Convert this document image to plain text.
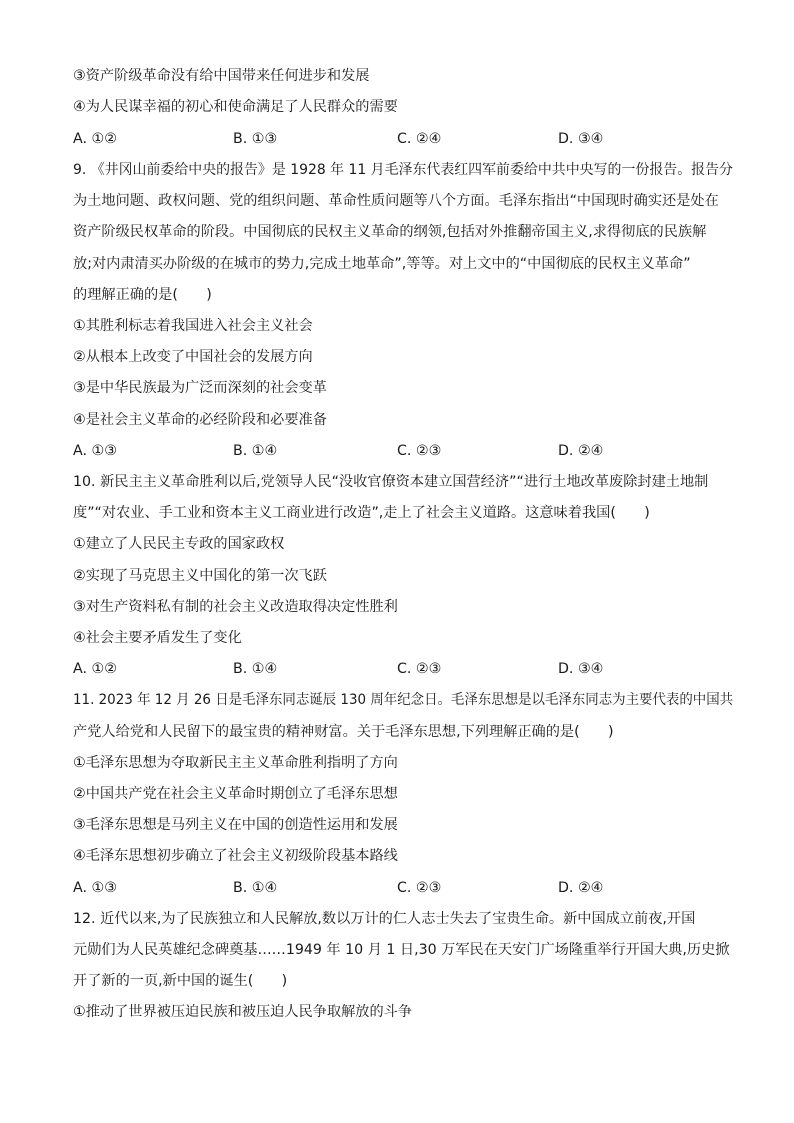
③资产阶级革命没有给中国带来任何进步和发展
④为人民谋幸福的初心和使命满足了人民群众的需要
A. ①②	B. ①③	C. ②④	D. ③④
9. 《井冈山前委给中央的报告》是 1928 年 11 月毛泽东代表红四军前委给中共中央写的一份报告。报告分
为土地问题、政权问题、党的组织问题、革命性质问题等八个方面。毛泽东指出“中国现时确实还是处在
资产阶级民权革命的阶段。中国彻底的民权主义革命的纲领,包括对外推翻帝国主义,求得彻底的民族解
放;对内肃清买办阶级的在城市的势力,完成土地革命”,等等。对上文中的“中国彻底的民权主义革命”
的理解正确的是(　　)
①其胜利标志着我国进入社会主义社会
②从根本上改变了中国社会的发展方向
③是中华民族最为广泛而深刻的社会变革
④是社会主义革命的必经阶段和必要准备
A. ①③	B. ①④	C. ②③	D. ②④
10. 新民主主义革命胜利以后,党领导人民“没收官僚资本建立国营经济”“进行土地改革废除封建土地制
度”“对农业、手工业和资本主义工商业进行改造”,走上了社会主义道路。这意味着我国(　　)
①建立了人民民主专政的国家政权
②实现了马克思主义中国化的第一次飞跃
③对生产资料私有制的社会主义改造取得决定性胜利
④社会主要矛盾发生了变化
A. ①②	B. ①④	C. ②③	D. ③④
11. 2023 年 12 月 26 日是毛泽东同志诞辰 130 周年纪念日。毛泽东思想是以毛泽东同志为主要代表的中国共
产党人给党和人民留下的最宝贵的精神财富。关于毛泽东思想,下列理解正确的是(　　)
①毛泽东思想为夺取新民主主义革命胜利指明了方向
②中国共产党在社会主义革命时期创立了毛泽东思想
③毛泽东思想是马列主义在中国的创造性运用和发展
④毛泽东思想初步确立了社会主义初级阶段基本路线
A. ①③	B. ①④	C. ②③	D. ②④
12. 近代以来,为了民族独立和人民解放,数以万计的仁人志士失去了宝贵生命。新中国成立前夜,开国
元勋们为人民英雄纪念碑奠基……1949 年 10 月 1 日,30 万军民在天安门广场隆重举行开国大典,历史掀
开了新的一页,新中国的诞生(　　)
①推动了世界被压迫民族和被压迫人民争取解放的斗争
